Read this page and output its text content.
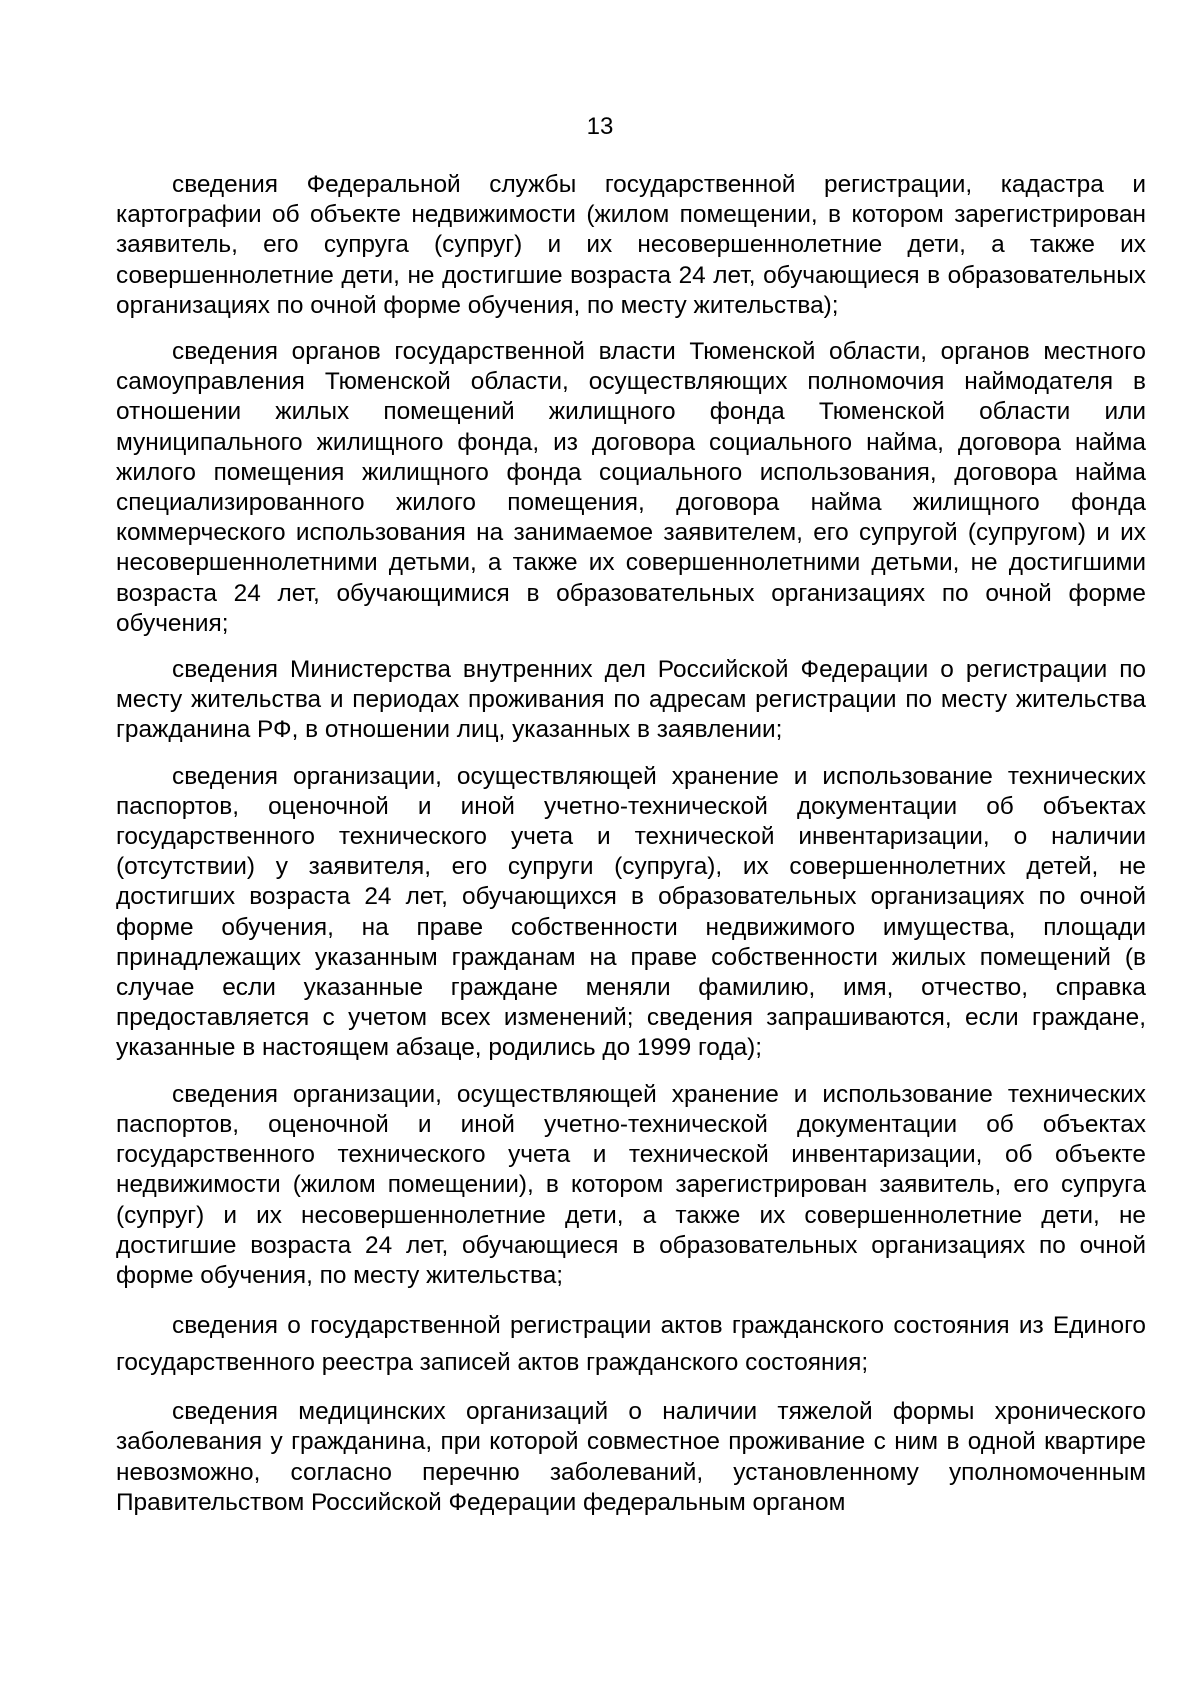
13

сведения Федеральной службы государственной регистрации, кадастра и картографии об объекте недвижимости (жилом помещении, в котором зарегистрирован заявитель, его супруга (супруг) и их несовершеннолетние дети, а также их совершеннолетние дети, не достигшие возраста 24 лет, обучающиеся в образовательных организациях по очной форме обучения, по месту жительства);

сведения органов государственной власти Тюменской области, органов местного самоуправления Тюменской области, осуществляющих полномочия наймодателя в отношении жилых помещений жилищного фонда Тюменской области или муниципального жилищного фонда, из договора социального найма, договора найма жилого помещения жилищного фонда социального использования, договора найма специализированного жилого помещения, договора найма жилищного фонда коммерческого использования на занимаемое заявителем, его супругой (супругом) и их несовершеннолетними детьми, а также их совершеннолетними детьми, не достигшими возраста 24 лет, обучающимися в образовательных организациях по очной форме обучения;

сведения Министерства внутренних дел Российской Федерации о регистрации по месту жительства и периодах проживания по адресам регистрации по месту жительства гражданина РФ, в отношении лиц, указанных в заявлении;

сведения организации, осуществляющей хранение и использование технических паспортов, оценочной и иной учетно-технической документации об объектах государственного технического учета и технической инвентаризации, о наличии (отсутствии) у заявителя, его супруги (супруга), их совершеннолетних детей, не достигших возраста 24 лет, обучающихся в образовательных организациях по очной форме обучения, на праве собственности недвижимого имущества, площади принадлежащих указанным гражданам на праве собственности жилых помещений (в случае если указанные граждане меняли фамилию, имя, отчество, справка предоставляется с учетом всех изменений; сведения запрашиваются, если граждане, указанные в настоящем абзаце, родились до 1999 года);

сведения организации, осуществляющей хранение и использование технических паспортов, оценочной и иной учетно-технической документации об объектах государственного технического учета и технической инвентаризации, об объекте недвижимости (жилом помещении), в котором зарегистрирован заявитель, его супруга (супруг) и их несовершеннолетние дети, а также их совершеннолетние дети, не достигшие возраста 24 лет, обучающиеся в образовательных организациях по очной форме обучения, по месту жительства;

сведения о государственной регистрации актов гражданского состояния из Единого государственного реестра записей актов гражданского состояния;

сведения медицинских организаций о наличии тяжелой формы хронического заболевания у гражданина, при которой совместное проживание с ним в одной квартире невозможно, согласно перечню заболеваний, установленному уполномоченным Правительством Российской Федерации федеральным органом
